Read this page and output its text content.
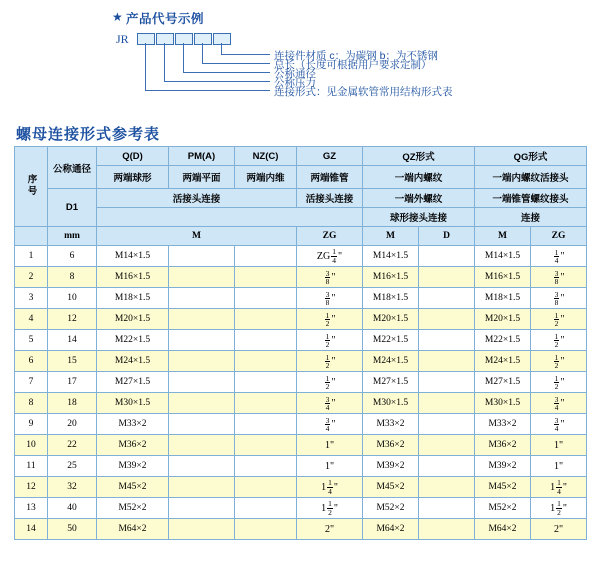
★ 产品代号示例
JR
连接件材质 c：为碳钢 b：为不锈钢
总长（长度可根据用户要求定制）
公称通径
公称压力
连接形式：见金属软管常用结构形式表
螺母连接形式参考表
序号	公称通径	Q(D)	PM(A)	NZ(C)	GZ	QZ形式		QG形式	
		两端球形	两端平面	两端内维	两端锥管	一端内螺纹		一端内螺纹活接头	
	D1	活接头连接			活接头连接	一端外螺纹		一端锥管螺纹接头	
						球形接头连接		连接	
	mm	M			ZG	M	D	M	ZG
1	6	M14×1.5			ZG $\frac{1}{4}$ "	M14×1.5		M14×1.5	$\frac{1}{4}$ "
2	8	M16×1.5			$\frac{3}{8}$ "	M16×1.5		M16×1.5	$\frac{3}{8}$ "
3	10	M18×1.5			$\frac{3}{8}$ "	M18×1.5		M18×1.5	$\frac{3}{8}$ "
4	12	M20×1.5			$\frac{1}{2}$ "	M20×1.5		M20×1.5	$\frac{1}{2}$ "
5	14	M22×1.5			$\frac{1}{2}$ "	M22×1.5		M22×1.5	$\frac{1}{2}$ "
6	15	M24×1.5			$\frac{1}{2}$ "	M24×1.5		M24×1.5	$\frac{1}{2}$ "
7	17	M27×1.5			$\frac{1}{2}$ "	M27×1.5		M27×1.5	$\frac{1}{2}$ "
8	18	M30×1.5			$\frac{3}{4}$ "	M30×1.5		M30×1.5	$\frac{3}{4}$ "
9	20	M33×2			$\frac{3}{4}$ "	M33×2		M33×2	$\frac{3}{4}$ "
10	22	M36×2			1"	M36×2		M36×2	1"
11	25	M39×2			1"	M39×2		M39×2	1"
12	32	M45×2			$1 \frac{1}{4}$ "	M45×2		M45×2	$1 \frac{1}{4}$ "
13	40	M52×2			$1 \frac{1}{2}$ "	M52×2		M52×2	$1 \frac{1}{2}$ "
14	50	M64×2			2"	M64×2		M64×2	2"
